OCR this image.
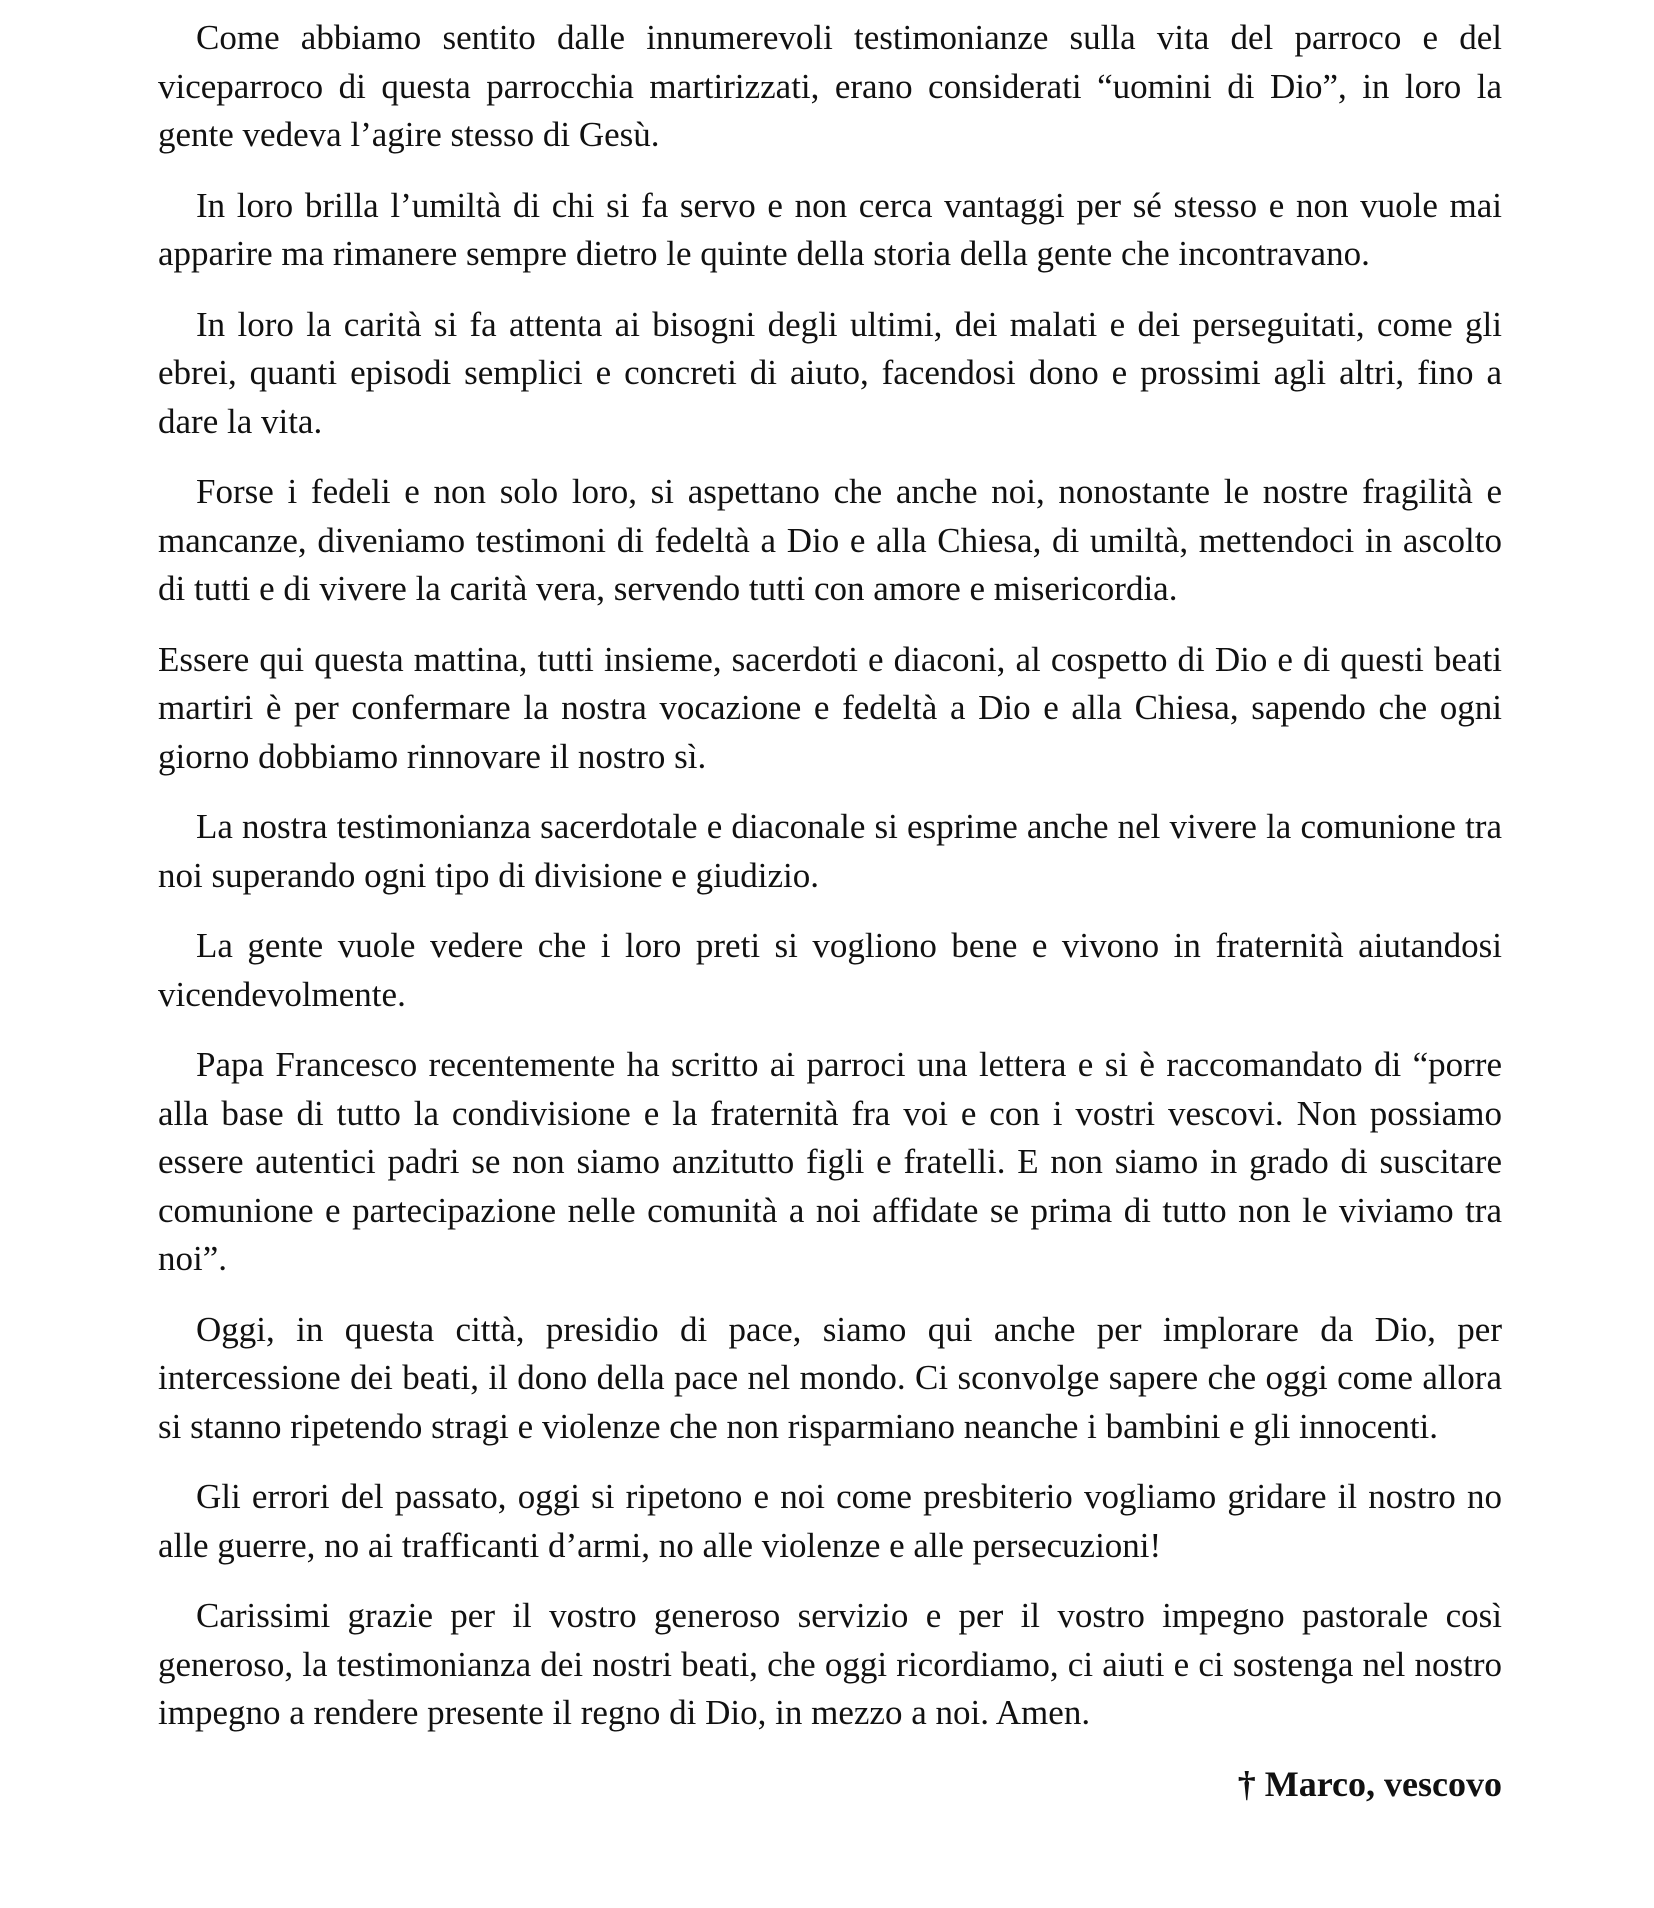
Come abbiamo sentito dalle innumerevoli testimonianze sulla vita del parroco e del viceparroco di questa parrocchia martirizzati, erano considerati “uomini di Dio”, in loro la gente vedeva l’agire stesso di Gesù.

In loro brilla l’umiltà di chi si fa servo e non cerca vantaggi per sé stesso e non vuole mai apparire ma rimanere sempre dietro le quinte della storia della gente che incontravano.

In loro la carità si fa attenta ai bisogni degli ultimi, dei malati e dei perseguitati, come gli ebrei, quanti episodi semplici e concreti di aiuto, facendosi dono e prossimi agli altri, fino a dare la vita.

Forse i fedeli e non solo loro, si aspettano che anche noi, nonostante le nostre fragilità e mancanze, diveniamo testimoni di fedeltà a Dio e alla Chiesa, di umiltà, mettendoci in ascolto di tutti e di vivere la carità vera, servendo tutti con amore e misericordia.

Essere qui questa mattina, tutti insieme, sacerdoti e diaconi, al cospetto di Dio e di questi beati martiri è per confermare la nostra vocazione e fedeltà a Dio e alla Chiesa, sapendo che ogni giorno dobbiamo rinnovare il nostro sì.

La nostra testimonianza sacerdotale e diaconale si esprime anche nel vivere la comunione tra noi superando ogni tipo di divisione e giudizio.

La gente vuole vedere che i loro preti si vogliono bene e vivono in fraternità aiutandosi vicendevolmente.

Papa Francesco recentemente ha scritto ai parroci una lettera e si è raccomandato di “porre alla base di tutto la condivisione e la fraternità fra voi e con i vostri vescovi. Non possiamo essere autentici padri se non siamo anzitutto figli e fratelli. E non siamo in grado di suscitare comunione e partecipazione nelle comunità a noi affidate se prima di tutto non le viviamo tra noi”.

Oggi, in questa città, presidio di pace, siamo qui anche per implorare da Dio, per intercessione dei beati, il dono della pace nel mondo. Ci sconvolge sapere che oggi come allora si stanno ripetendo stragi e violenze che non risparmiano neanche i bambini e gli innocenti.

Gli errori del passato, oggi si ripetono e noi come presbiterio vogliamo gridare il nostro no alle guerre, no ai trafficanti d’armi, no alle violenze e alle persecuzioni!

Carissimi grazie per il vostro generoso servizio e per il vostro impegno pastorale così generoso, la testimonianza dei nostri beati, che oggi ricordiamo, ci aiuti e ci sostenga nel nostro impegno a rendere presente il regno di Dio, in mezzo a noi. Amen.

† Marco, vescovo
